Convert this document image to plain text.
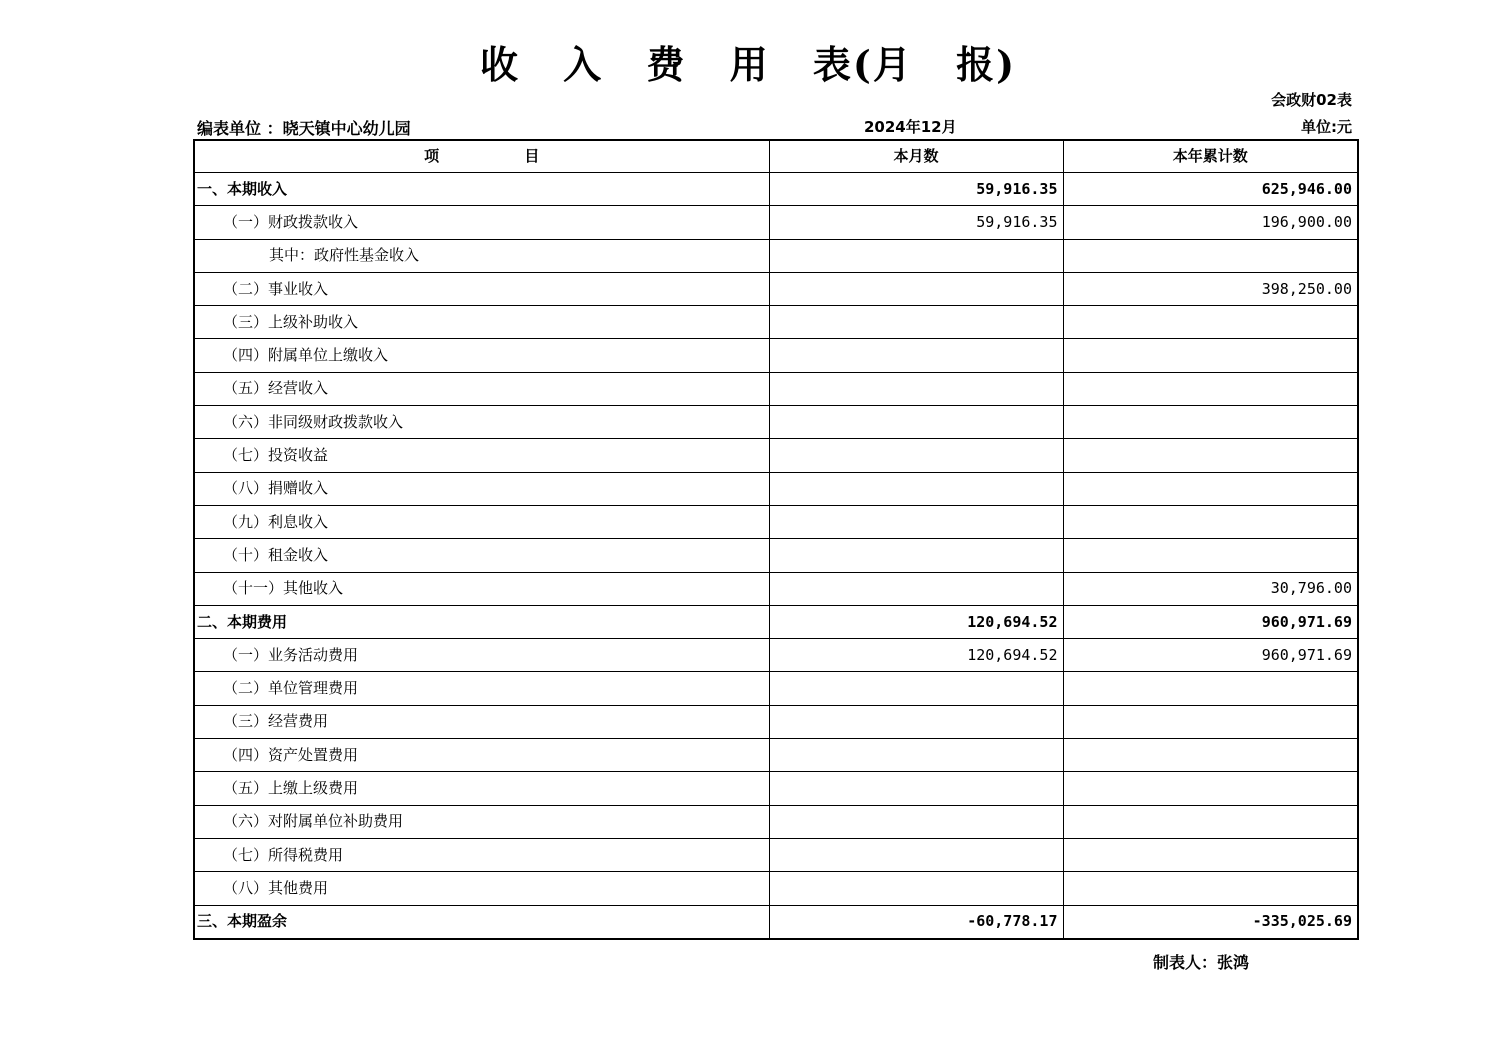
收 入 费 用 表(月 报)
会政财02表
编表单位 ：晓天镇中心幼儿园	2024年12月	单位:元
项 目	本月数	本年累计数
一、本期收入	59,916.35	625,946.00
（一）财政拨款收入	59,916.35	196,900.00
其中：政府性基金收入		
（二）事业收入		398,250.00
（三）上级补助收入		
（四）附属单位上缴收入		
（五）经营收入		
（六）非同级财政拨款收入		
（七）投资收益		
（八）捐赠收入		
（九）利息收入		
（十）租金收入		
（十一）其他收入		30,796.00
二、本期费用	120,694.52	960,971.69
（一）业务活动费用	120,694.52	960,971.69
（二）单位管理费用		
（三）经营费用		
（四）资产处置费用		
（五）上缴上级费用		
（六）对附属单位补助费用		
（七）所得税费用		
（八）其他费用		
三、本期盈余	-60,778.17	-335,025.69
制表人：张鸿
